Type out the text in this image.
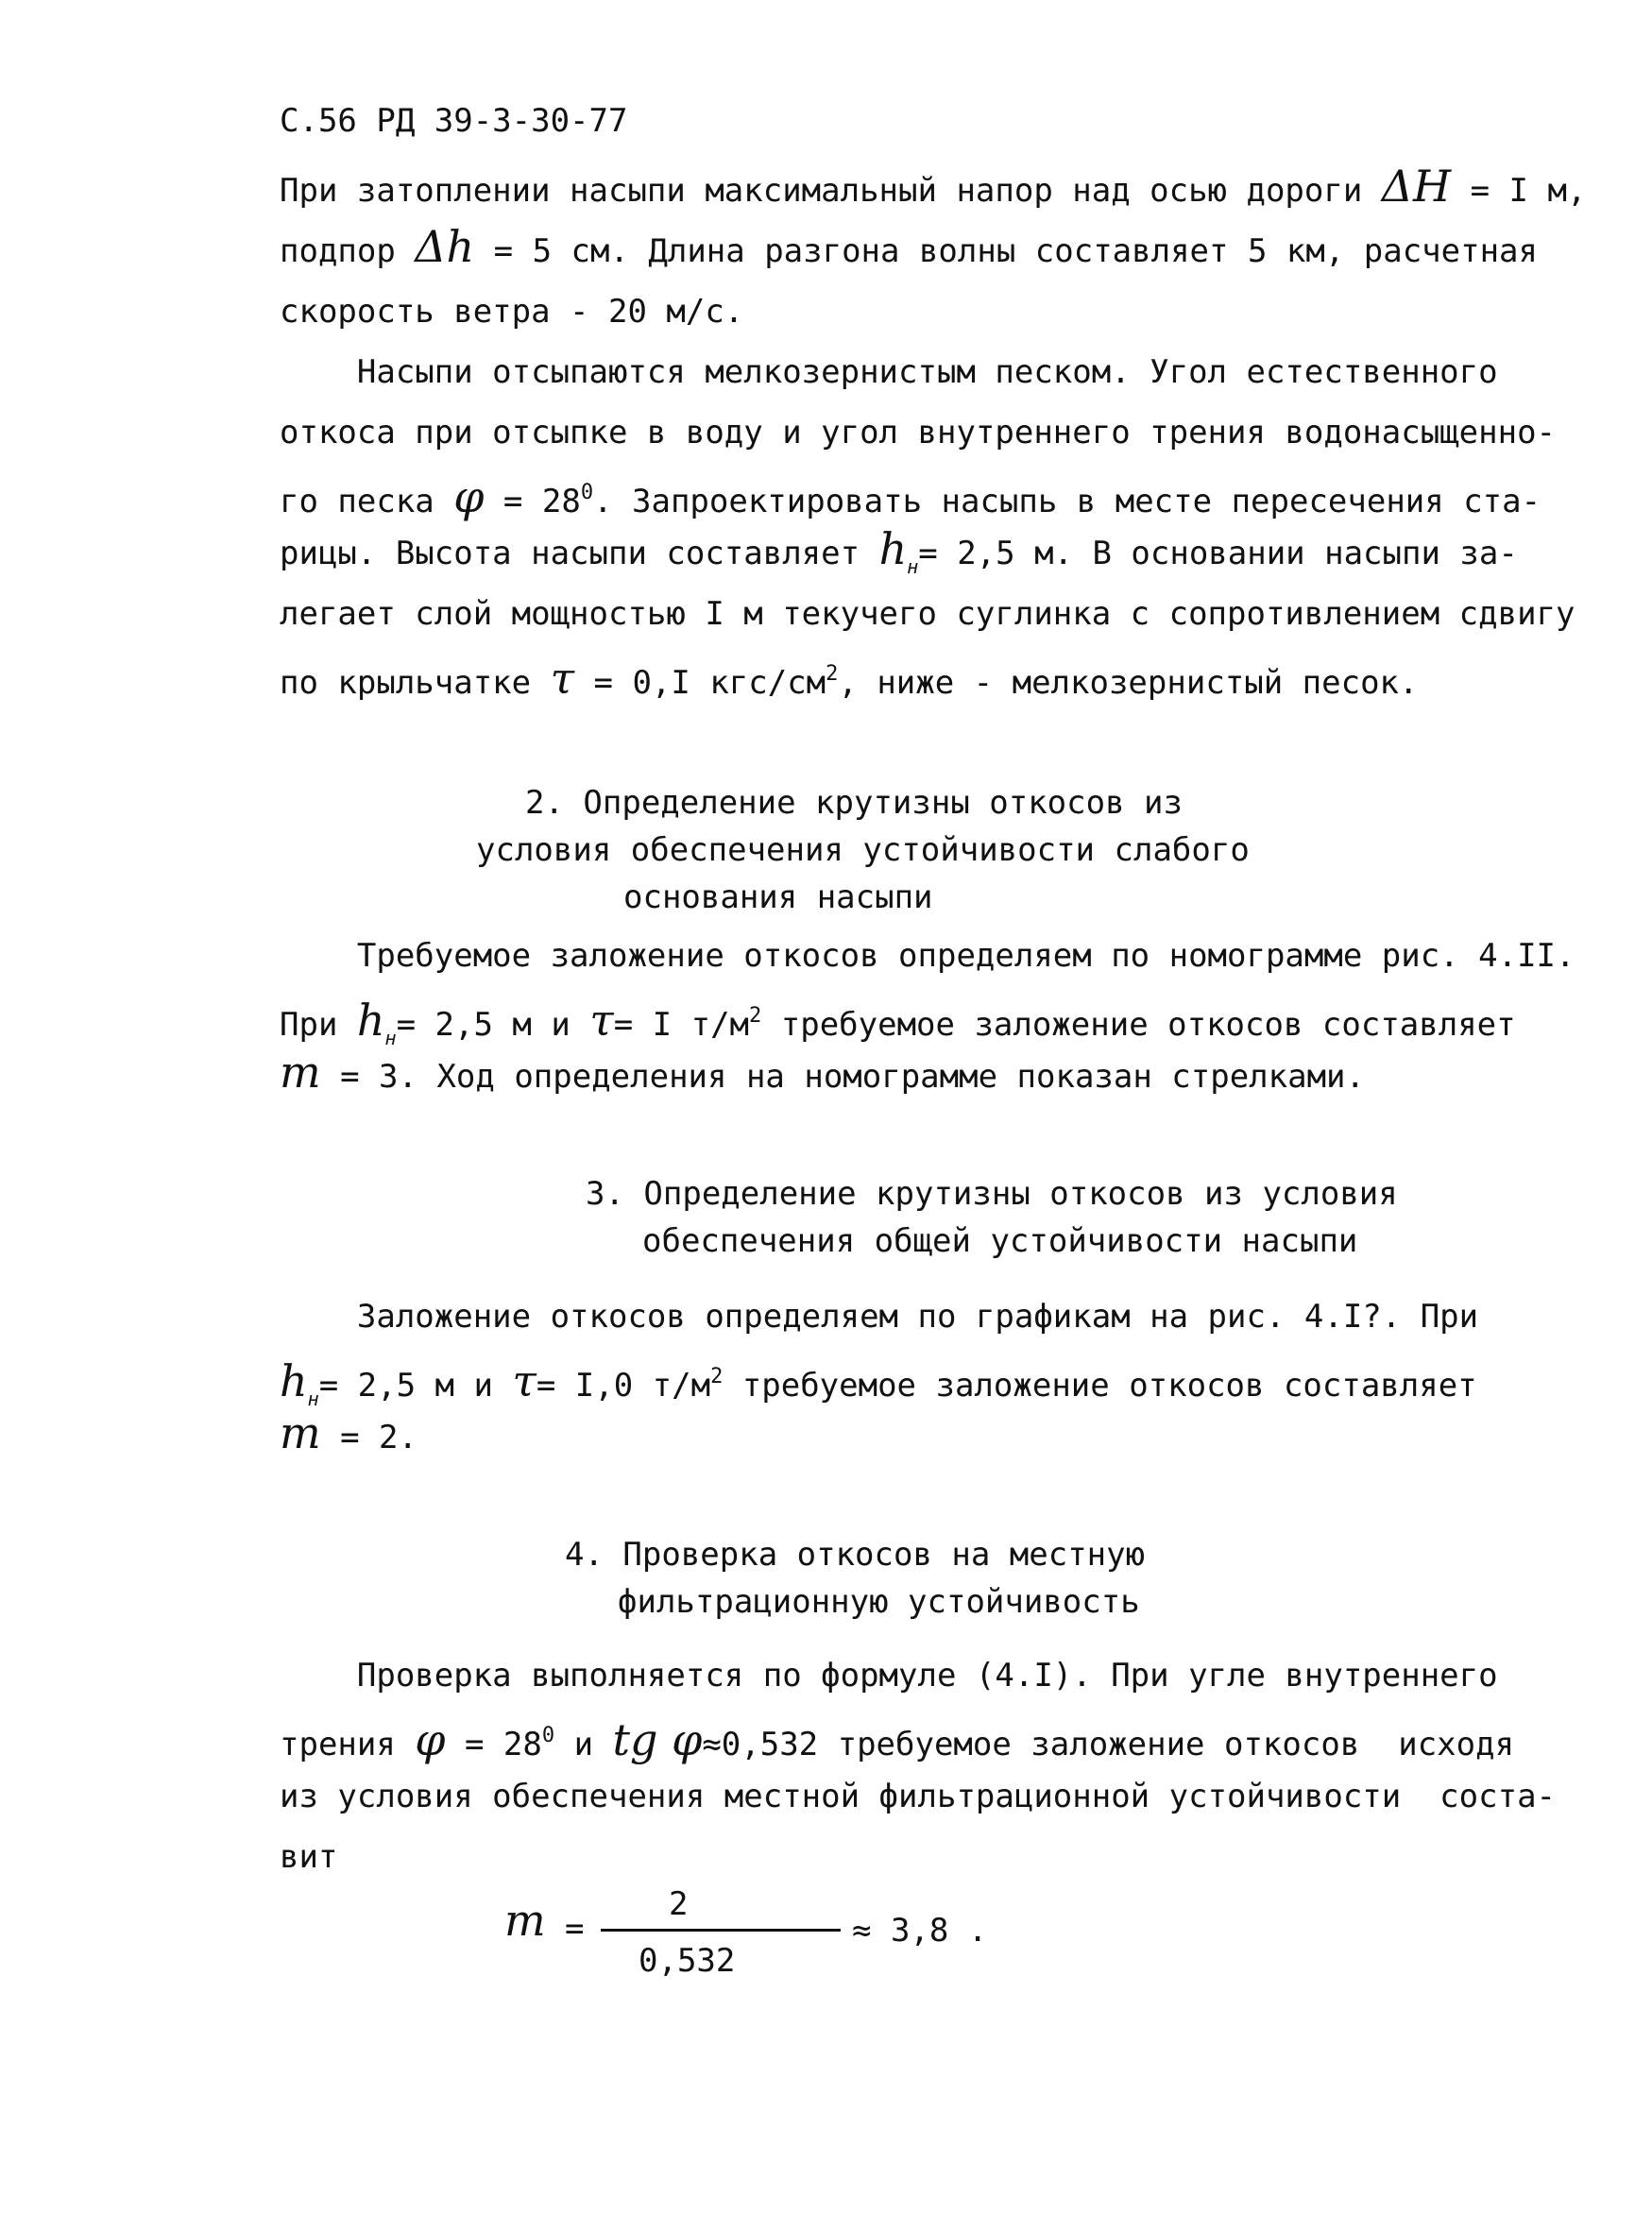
С.56 РД 39-3-30-77
При затоплении насыпи максимальный напор над осью дороги ΔH = I м,
подпор Δh = 5 см. Длина разгона волны составляет 5 км, расчетная
скорость ветра - 20 м/с.
Насыпи отсыпаются мелкозернистым песком. Угол естественного
откоса при отсыпке в воду и угол внутреннего трения водонасыщенно-
го песка $\varphi = 28^0$. Запроектировать насыпь в месте пересечения ста-
рицы. Высота насыпи составляет $h_н= 2,5$ м. В основании насыпи за-
легает слой мощностью I м текучего суглинка с сопротивлением сдвигу
по крыльчатке τ = 0,I кгс/$см^2$, ниже - мелкозернистый песок.
2. Определение крутизны откосов из
условия обеспечения устойчивости слабого
основания насыпи
Требуемое заложение откосов определяем по номограмме рис. 4.II.
При $h_н= 2,5$ м и τ= I $т/м^2$ требуемое заложение откосов составляет
m = 3. Ход определения на номограмме показан стрелками.
3. Определение крутизны откосов из условия
обеспечения общей устойчивости насыпи
Заложение откосов определяем по графикам на рис. 4.I?. При
$h_н= 2,5$ м и τ= I,0 $т/м^2$ требуемое заложение откосов составляет
m = 2.
4. Проверка откосов на местную
фильтрационную устойчивость
Проверка выполняется по формуле (4.I). При угле внутреннего
трения $\varphi = 28^0$ и tg φ≈0,532 требуемое заложение откосов  исходя
из условия обеспечения местной фильтрационной устойчивости  соста-
вит
m =
2
0,532
≈ 3,8 .
